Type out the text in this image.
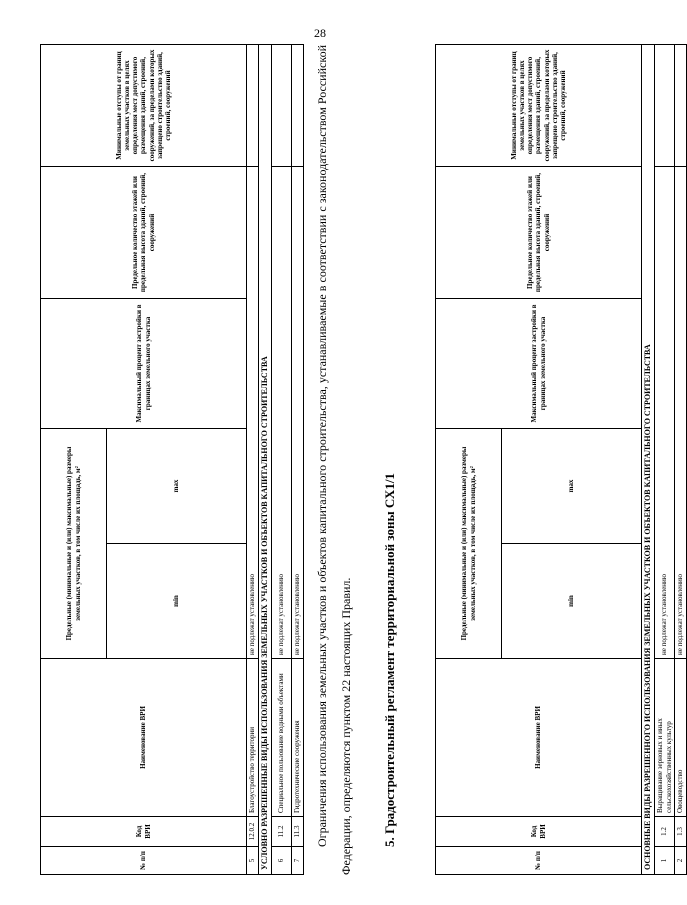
28
№ п/п	Код ВРИ	Наименование ВРИ	Предельные (минимальные и (или) максимальные) размеры земельных участков, в том числе их площадь, м²		Максимальный процент застройки в границах земельного участка	Предельное количество этажей или предельная высота зданий, строений, сооружений	Минимальные отступы от границ земельных участков в целях определения мест допустимого размещения зданий, строений, сооружений, за пределами которых запрещено строительство зданий, строений, сооружений
			min	max			
5	12.0.2	Благоустройство территории	не подлежат установлению				
УСЛОВНО РАЗРЕШЕННЫЕ ВИДЫ ИСПОЛЬЗОВАНИЯ ЗЕМЕЛЬНЫХ УЧАСТКОВ И ОБЪЕКТОВ КАПИТАЛЬНОГО СТРОИТЕЛЬСТВА							
6	11.2	Специальное пользование водными объектами	не подлежат установлению				
7	11.3	Гидротехнические сооружения	не подлежат установлению					Ограничения использования земельных участков и объектов капитального строительства, устанавливаемые в соответствии с законодательством Российской Федерации, определяются пунктом 22 настоящих Правил.	5. Градостроительный регламент территориальной зоны СХ1/1
№ п/п	Код ВРИ	Наименование ВРИ	Предельные (минимальные и (или) максимальные) размеры земельных участков, в том числе их площадь, м²		Максимальный процент застройки в границах земельного участка	Предельное количество этажей или предельная высота зданий, строений, сооружений	Минимальные отступы от границ земельных участков в целях определения мест допустимого размещения зданий, строений, сооружений, за пределами которых запрещено строительство зданий, строений, сооружений
			min	max			
ОСНОВНЫЕ ВИДЫ РАЗРЕШЕННОГО ИСПОЛЬЗОВАНИЯ ЗЕМЕЛЬНЫХ УЧАСТКОВ И ОБЪЕКТОВ КАПИТАЛЬНОГО СТРОИТЕЛЬСТВА							
1	1.2	Выращивание зерновых и иных сельскохозяйственных культур	не подлежат установлению				
2	1.3	Овощеводство	не подлежат установлению				
